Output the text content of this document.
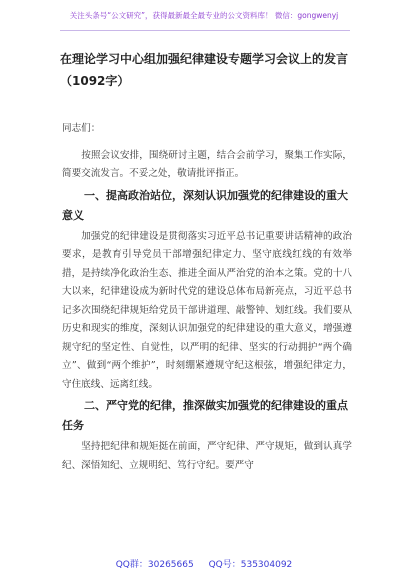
关注头条号“公文研究”，获得最新最全最专业的公文资料库！ 微信：gongwenyj
在理论学习中心组加强纪律建设专题学习会议上的发言（1092字）

同志们：

按照会议安排，围绕研讨主题，结合会前学习，聚集工作实际，简要交流发言。不妥之处，敬请批评指正。

一、提高政治站位，深刻认识加强党的纪律建设的重大意义

加强党的纪律建设是贯彻落实习近平总书记重要讲话精神的政治要求，是教育引导党员干部增强纪律定力、坚守底线红线的有效举措，是持续净化政治生态、推进全面从严治党的治本之策。党的十八大以来，纪律建设成为新时代党的建设总体布局新亮点，习近平总书记多次围绕纪律规矩给党员干部讲道理、敲警钟、划红线。我们要从历史和现实的维度，深刻认识加强党的纪律建设的重大意义，增强遵规守纪的坚定性、自觉性，以严明的纪律、坚实的行动拥护“两个确立”、做到“两个维护”，时刻绷紧遵规守纪这根弦，增强纪律定力，守住底线、远离红线。

二、严守党的纪律，推深做实加强党的纪律建设的重点任务

坚持把纪律和规矩挺在前面，严守纪律、严守规矩，做到认真学纪、深悟知纪、立规明纪、笃行守纪。要严守

QQ群：30265665 QQ号：535304092
